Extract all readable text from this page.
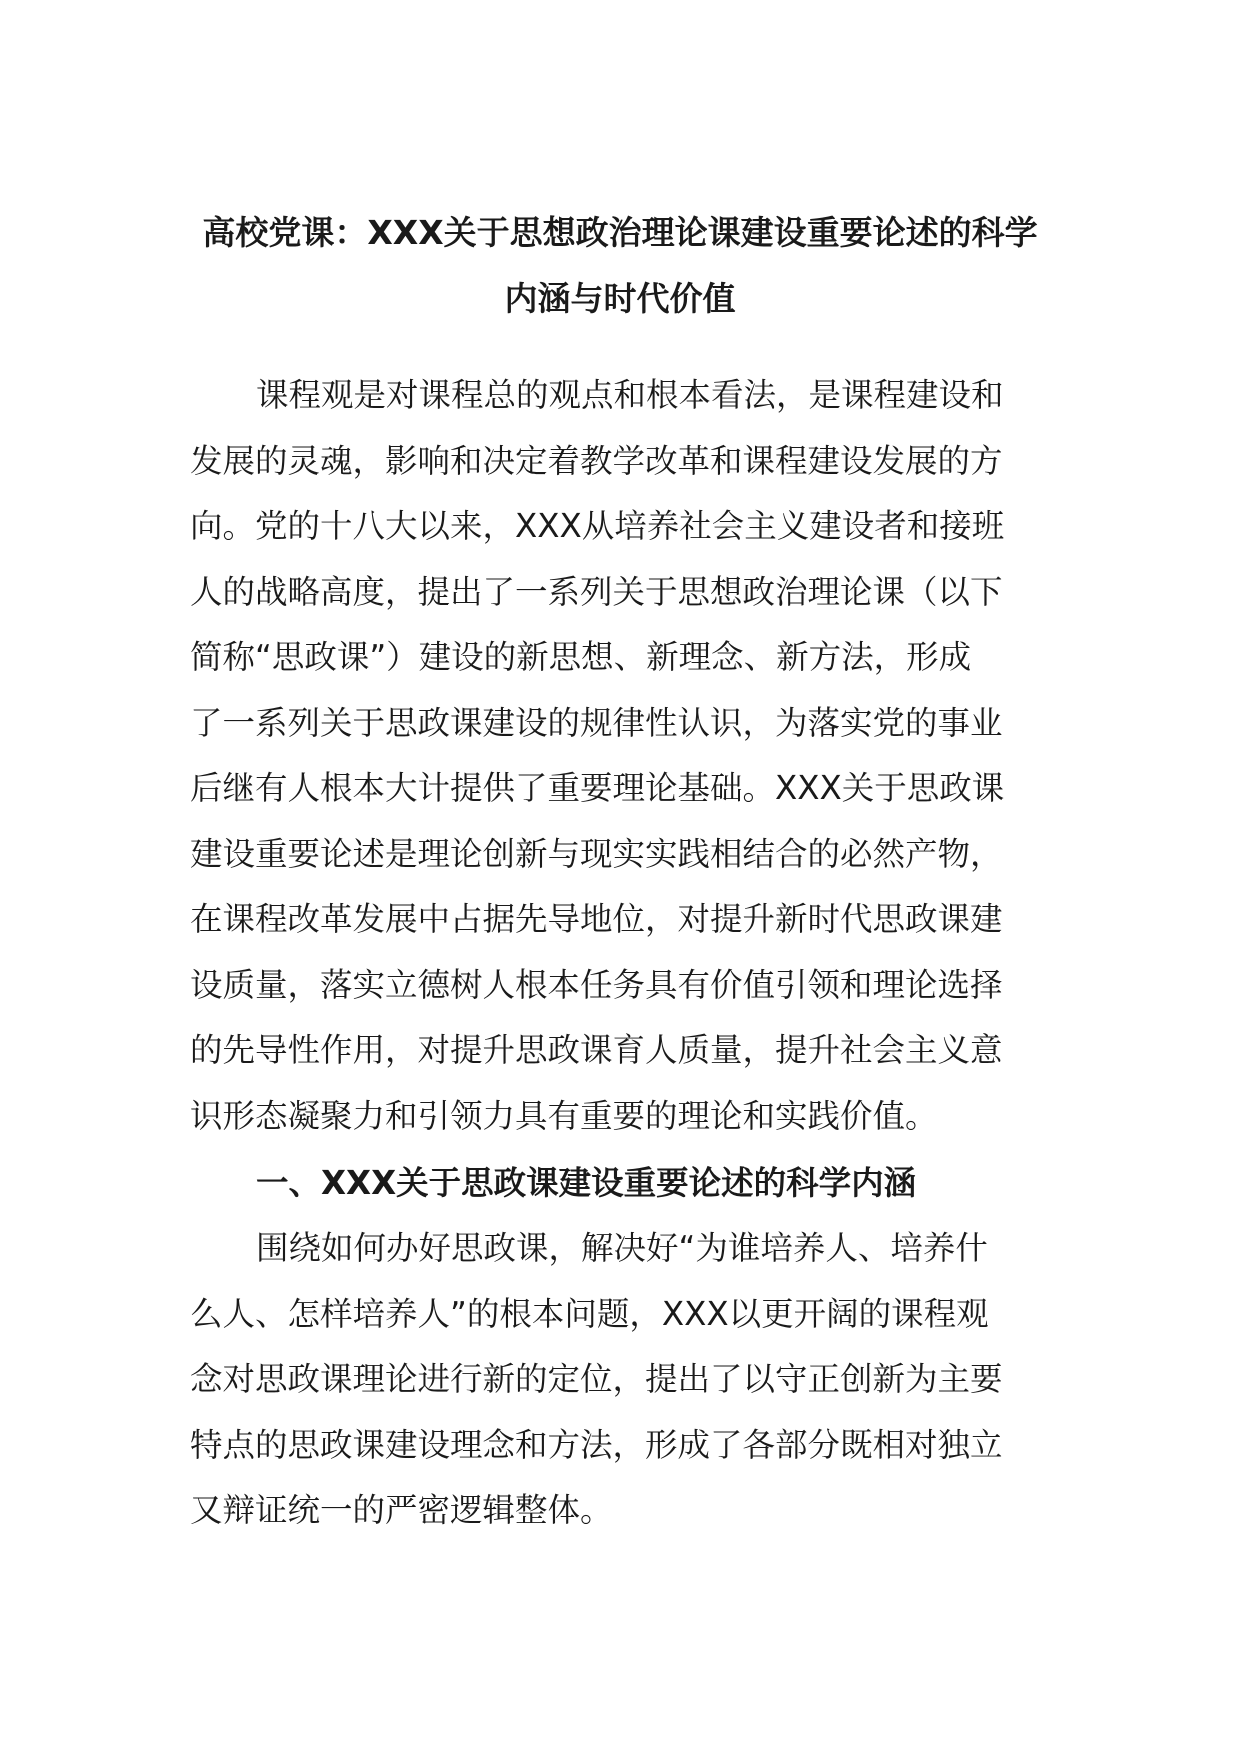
高校党课：XXX关于思想政治理论课建设重要论述的科学
内涵与时代价值

课程观是对课程总的观点和根本看法，是课程建设和
发展的灵魂，影响和决定着教学改革和课程建设发展的方
向。党的十八大以来，XXX从培养社会主义建设者和接班
人的战略高度，提出了一系列关于思想政治理论课（以下
简称“思政课”）建设的新思想、新理念、新方法，形成
了一系列关于思政课建设的规律性认识，为落实党的事业
后继有人根本大计提供了重要理论基础。XXX关于思政课
建设重要论述是理论创新与现实实践相结合的必然产物，
在课程改革发展中占据先导地位，对提升新时代思政课建
设质量，落实立德树人根本任务具有价值引领和理论选择
的先导性作用，对提升思政课育人质量，提升社会主义意
识形态凝聚力和引领力具有重要的理论和实践价值。

一、XXX关于思政课建设重要论述的科学内涵

围绕如何办好思政课，解决好“为谁培养人、培养什
么人、怎样培养人”的根本问题，XXX以更开阔的课程观
念对思政课理论进行新的定位，提出了以守正创新为主要
特点的思政课建设理念和方法，形成了各部分既相对独立
又辩证统一的严密逻辑整体。
